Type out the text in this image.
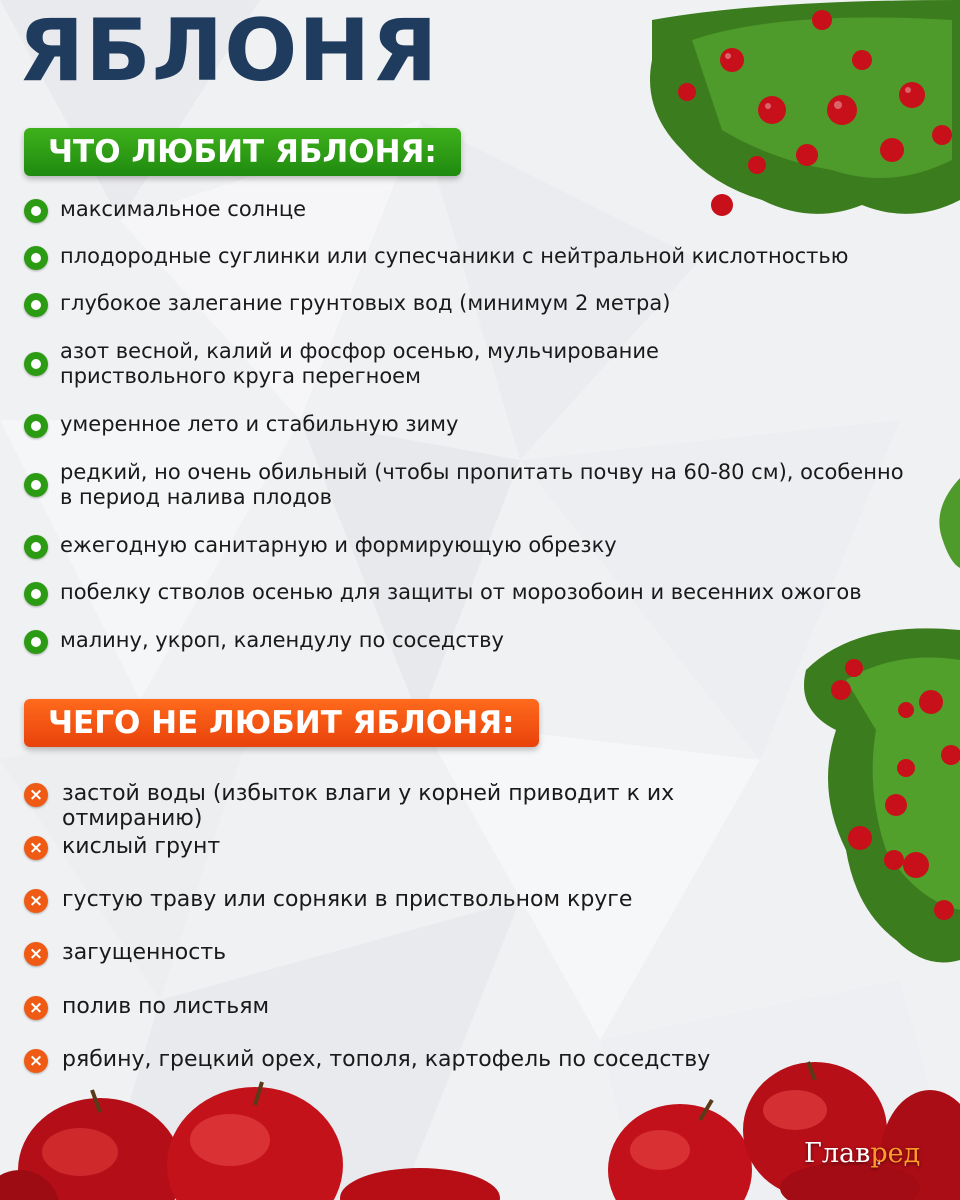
ЯБЛОНЯ
ЧТО ЛЮБИТ ЯБЛОНЯ:
максимальное солнце
плодородные суглинки или супесчаники с нейтральной кислотностью
глубокое залегание грунтовых вод (минимум 2 метра)
азот весной, калий и фосфор осенью, мульчирование приствольного круга перегноем
умеренное лето и стабильную зиму
редкий, но очень обильный (чтобы пропитать почву на 60-80 см), особенно в период налива плодов
ежегодную санитарную и формирующую обрезку
побелку стволов осенью для защиты от морозобоин и весенних ожогов
малину, укроп, календулу по соседству
ЧЕГО НЕ ЛЮБИТ ЯБЛОНЯ:
× застой воды (избыток влаги у корней приводит к их отмиранию)
× кислый грунт
× густую траву или сорняки в приствольном круге
× загущенность
× полив по листьям
× рябину, грецкий орех, тополя, картофель по соседству
Главред
